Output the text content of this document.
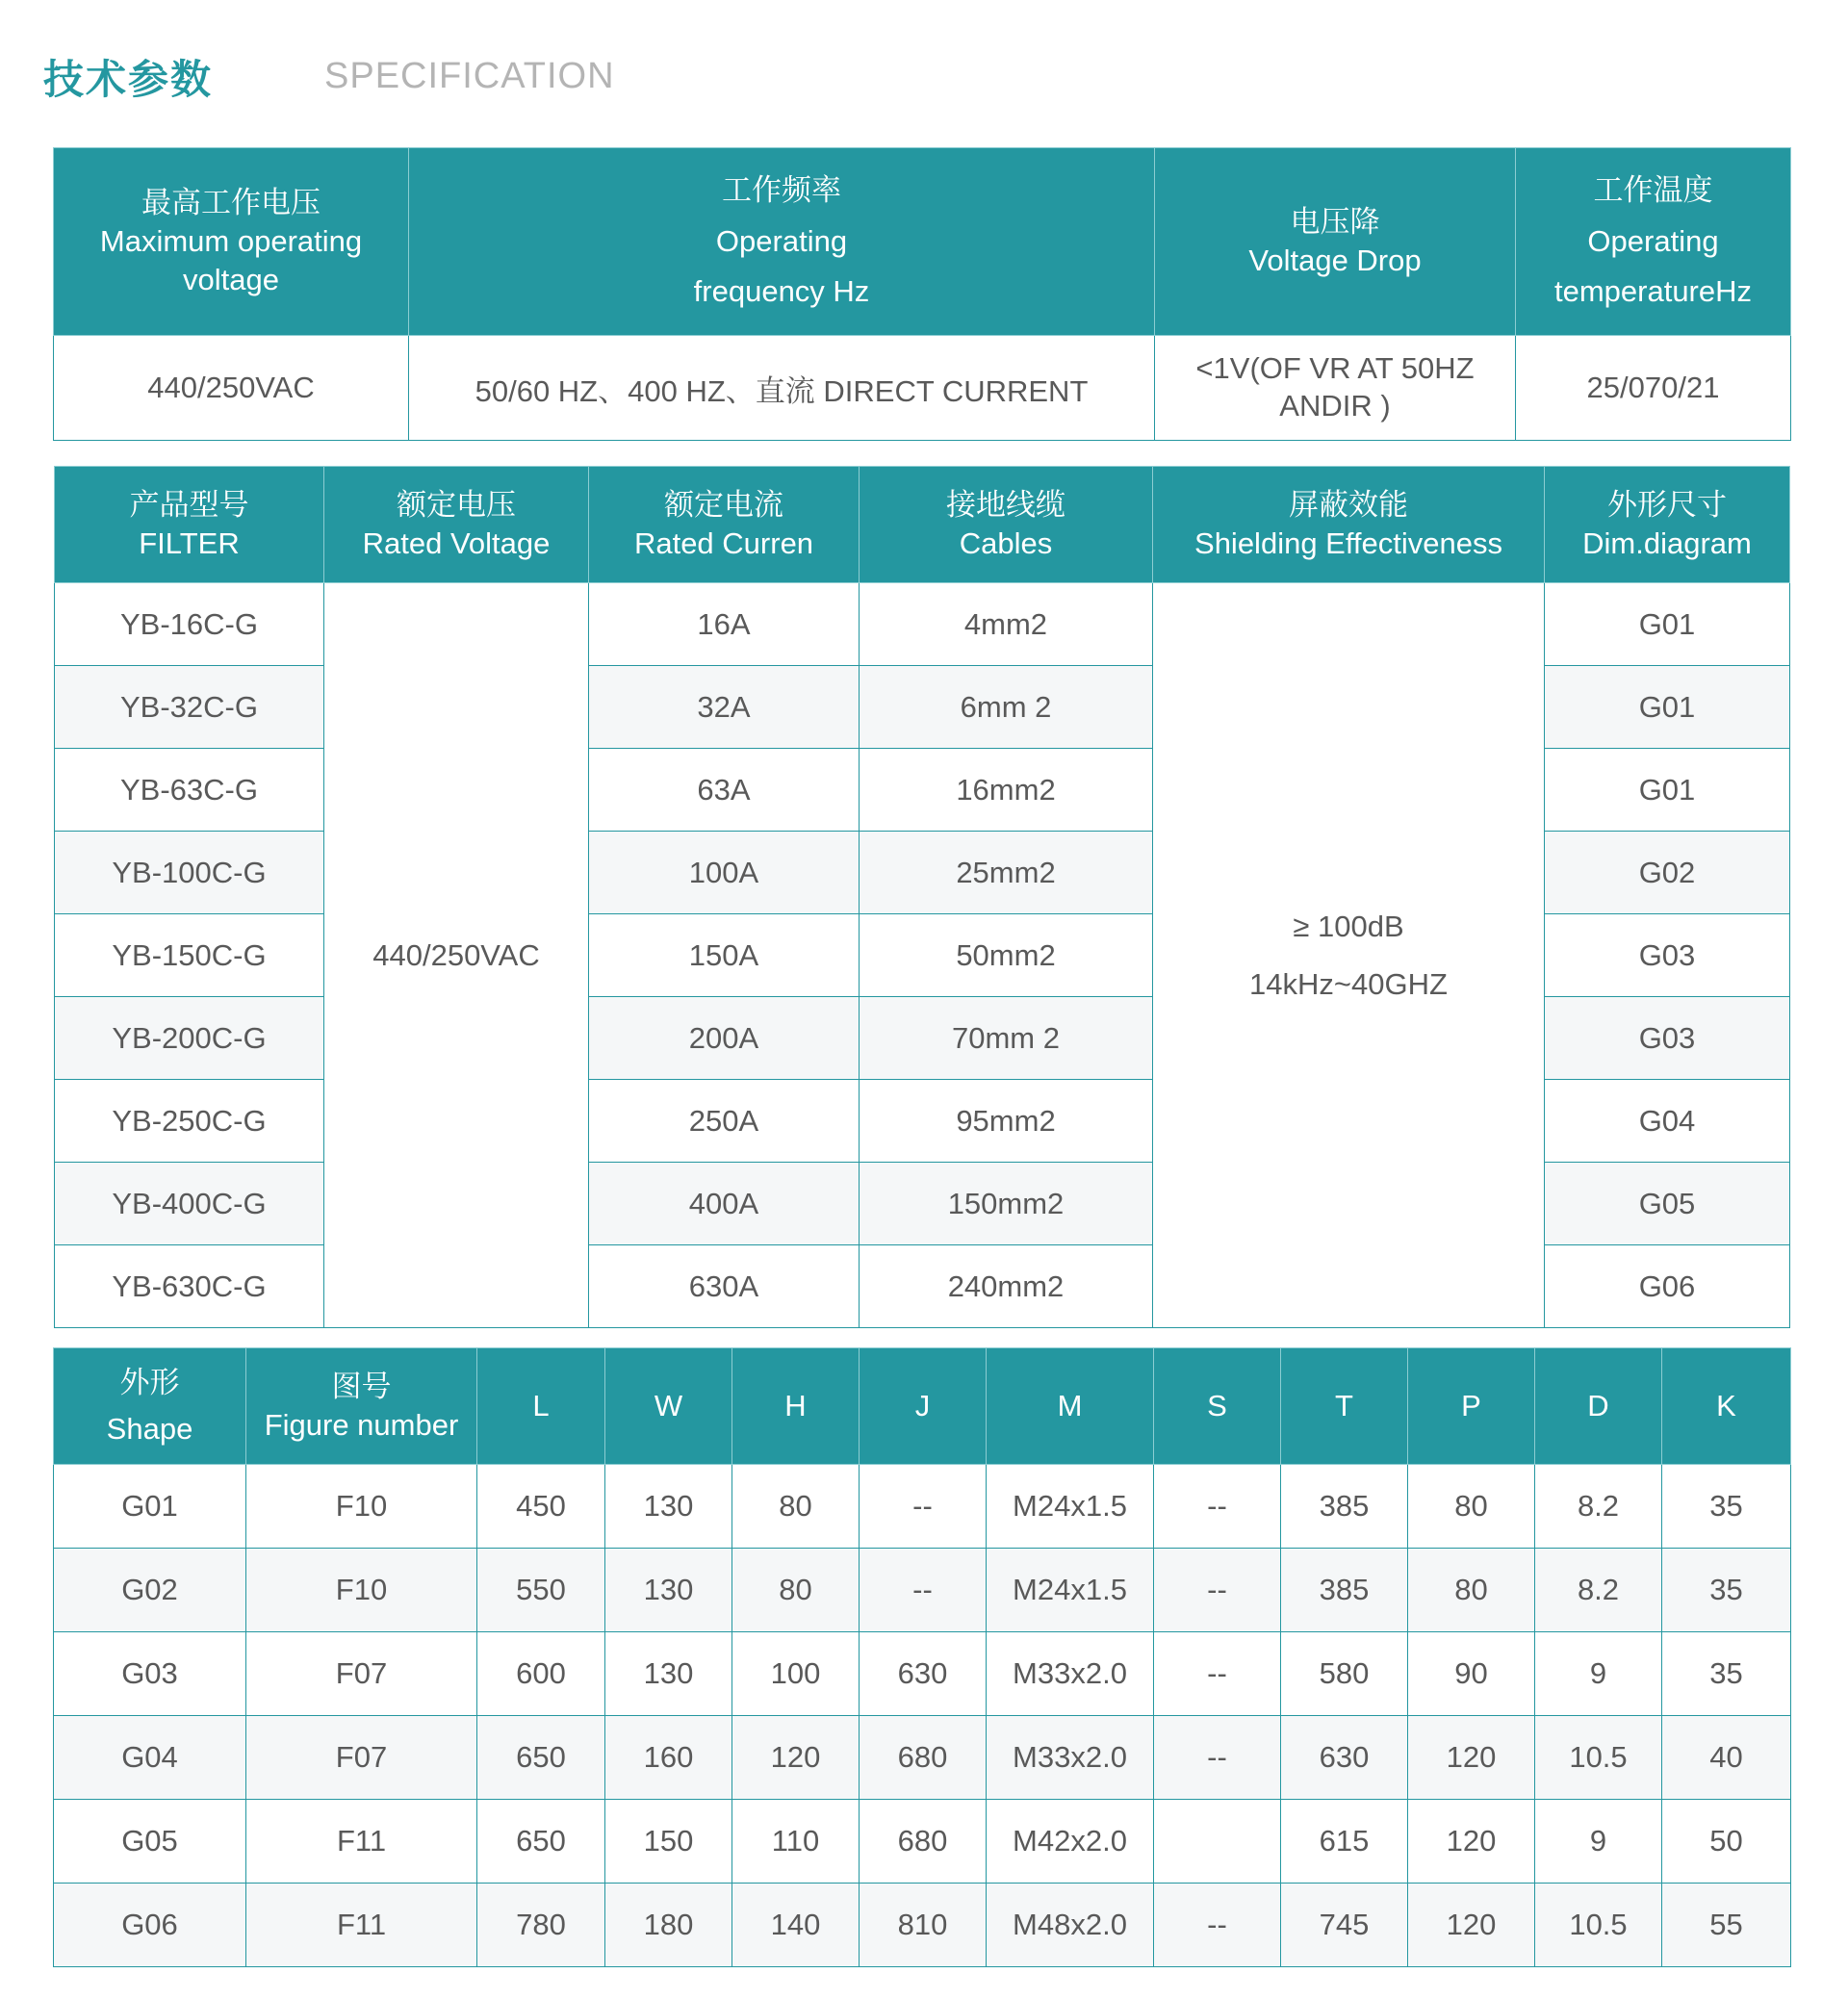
技术参数	SPECIFICATION
最高工作电压
Maximum operating
voltage	工作频率
Operating
frequency Hz	电压降
Voltage Drop	工作温度
Operating
temperatureHz

440/250VAC	50/60 HZ、400 HZ、直流 DIRECT CURRENT	<1V(OF VR AT 50HZ
ANDIR )	25/070/21
产品型号
FILTER	额定电压
Rated Voltage	额定电流
Rated Curren	接地线缆
Cables	屏蔽效能
Shielding Effectiveness	外形尺寸
Dim.diagram

YB-16C-G	440/250VAC	16A	4mm2	≥ 100dB
14kHz~40GHZ	G01
YB-32C-G		32A	6mm 2		G01
YB-63C-G		63A	16mm2		G01
YB-100C-G		100A	25mm2		G02
YB-150C-G		150A	50mm2		G03
YB-200C-G		200A	70mm 2		G03
YB-250C-G		250A	95mm2		G04
YB-400C-G		400A	150mm2		G05
YB-630C-G		630A	240mm2		G06
外形
Shape	图号
Figure number	L	W	H	J	M	S	T	P	D	K
G01	F10	450	130	80	--	M24x1.5	--	385	80	8.2	35
G02	F10	550	130	80	--	M24x1.5	--	385	80	8.2	35
G03	F07	600	130	100	630	M33x2.0	--	580	90	9	35
G04	F07	650	160	120	680	M33x2.0	--	630	120	10.5	40
G05	F11	650	150	110	680	M42x2.0		615	120	9	50
G06	F11	780	180	140	810	M48x2.0	--	745	120	10.5	55
